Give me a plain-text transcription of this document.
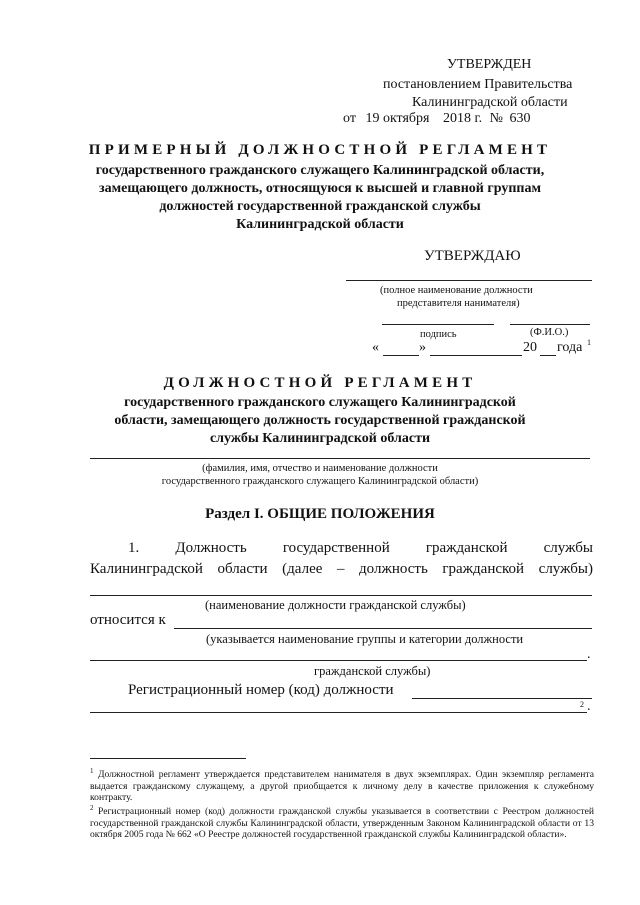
УТВЕРЖДЕН
постановлением Правительства
Калининградской области
от 19 октября 2018 г. № 630
ПРИМЕРНЫЙ ДОЛЖНОСТНОЙ РЕГЛАМЕНТ
государственного гражданского служащего Калининградской области,
замещающего должность, относящуюся к высшей и главной группам
должностей государственной гражданской службы
Калининградской области
УТВЕРЖДАЮ
(полное наименование должности
представителя нанимателя)
подпись	(Ф.И.О.)
«	»	20 года 1
ДОЛЖНОСТНОЙ РЕГЛАМЕНТ
государственного гражданского служащего Калининградской
области, замещающего должность государственной гражданской
службы Калининградской области
(фамилия, имя, отчество и наименование должности
государственного гражданского служащего Калининградской области)
Раздел I. ОБЩИЕ ПОЛОЖЕНИЯ
1. Должность государственной гражданской службы
Калининградской области (далее – должность гражданской службы)
(наименование должности гражданской службы)
относится к
(указывается наименование группы и категории должности
.
гражданской службы)
Регистрационный номер (код) должности
2 .
$^1$ Должностной регламент утверждается представителем нанимателя в двух экземплярах. Один экземпляр регламента выдается гражданскому служащему, а другой приобщается к личному делу в качестве приложения к служебному контракту.
$^2$ Регистрационный номер (код) должности гражданской службы указывается в соответствии с Реестром должностей государственной гражданской службы Калининградской области, утвержденным Законом Калининградской области от 13 октября 2005 года № 662 «О Реестре должностей государственной гражданской службы Калининградской области».
